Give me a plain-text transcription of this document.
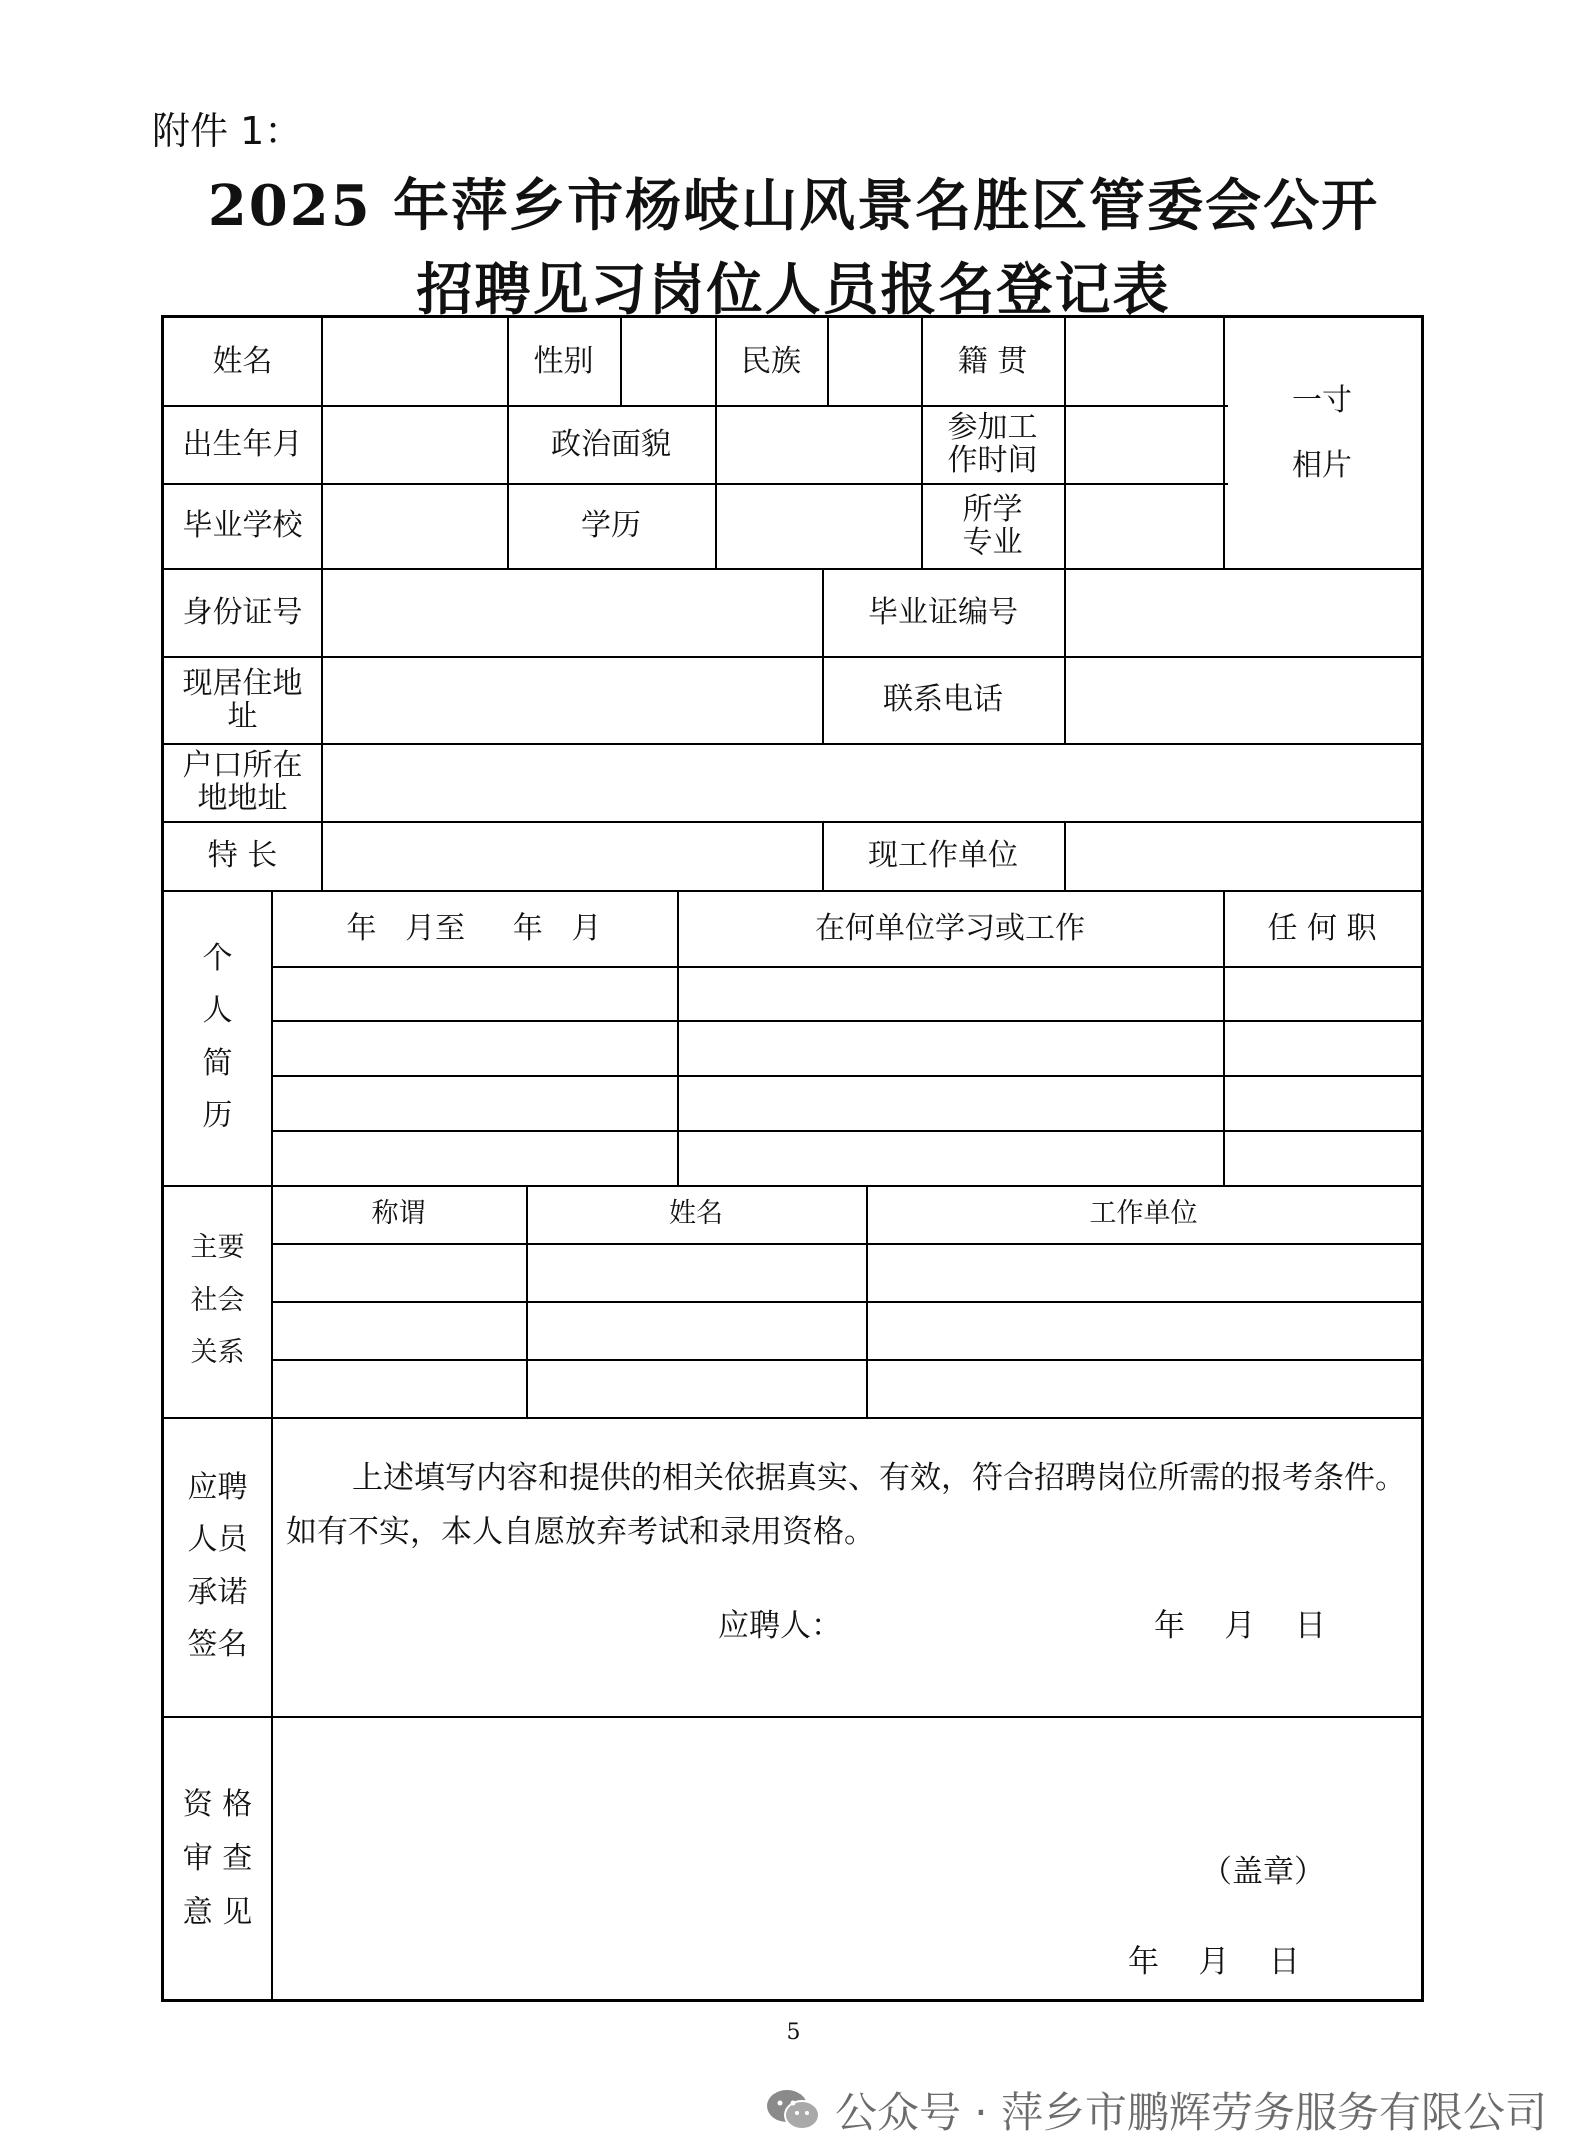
附件 1：
2025 年萍乡市杨岐山风景名胜区管委会公开
招聘见习岗位人员报名登记表
姓名	性别	民族	籍 贯
一寸
相片
出生年月	政治面貌	参加工
作时间
毕业学校	学历	所学
专业
身份证号	毕业证编号
现居住地
址	联系电话
户口所在
地地址
特 长	现工作单位
个
人
简
历
年   月至     年   月	在何单位学习或工作	任 何 职
主要
社会
关系
称谓	姓名	工作单位
应聘
人员
承诺
签名
上述填写内容和提供的相关依据真实、有效，符合招聘岗位所需的报考条件。
如有不实，本人自愿放弃考试和录用资格。
应聘人：	年    月    日
资 格
审 查
意 见
（盖章）
年    月    日
5
公众号 · 萍乡市鹏辉劳务服务有限公司
